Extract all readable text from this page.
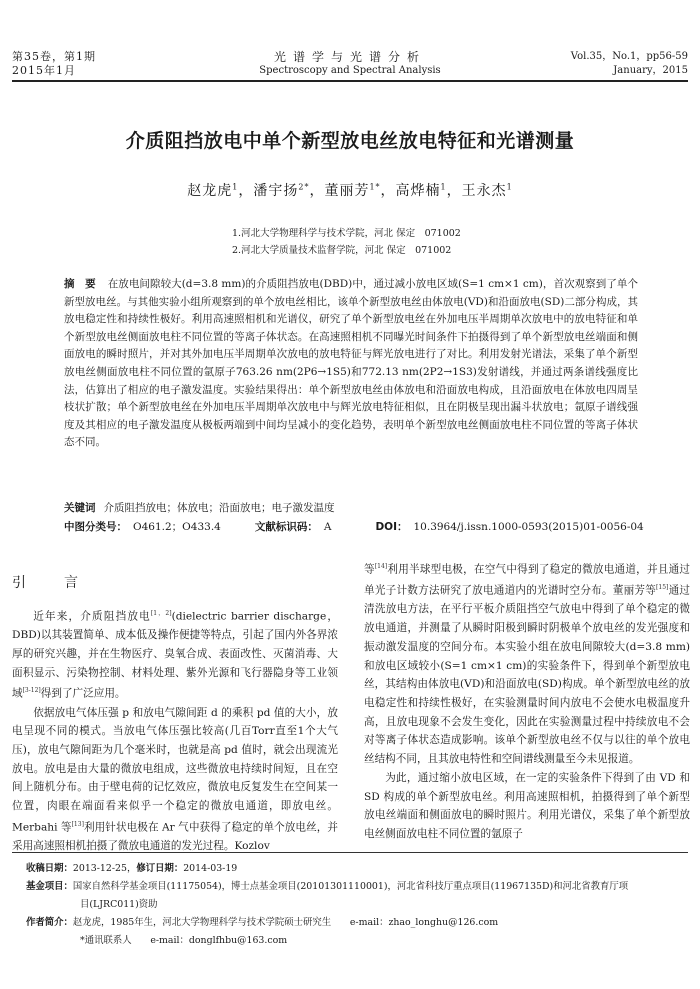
第35卷，第1期
2015年1月
光谱学与光谱分析
Spectroscopy and Spectral Analysis
Vol.35，No.1，pp56-59
January，2015
介质阻挡放电中单个新型放电丝放电特征和光谱测量
赵龙虎$^1$，潘宇扬$^{2*}$，董丽芳$^{1*}$，高烨楠$^1$，王永杰$^1$
1.河北大学物理科学与技术学院，河北 保定　071002
2.河北大学质量技术监督学院，河北 保定　071002
摘　要 在放电间隙较大(d=3.8 mm)的介质阻挡放电(DBD)中，通过减小放电区域(S=1 cm×1 cm)，首次观察到了单个新型放电丝。与其他实验小组所观察到的单个放电丝相比，该单个新型放电丝由体放电(VD)和沿面放电(SD)二部分构成，其放电稳定性和持续性极好。利用高速照相机和光谱仪，研究了单个新型放电丝在外加电压半周期单次放电中的放电特征和单个新型放电丝侧面放电柱不同位置的等离子体状态。在高速照相机不同曝光时间条件下拍摄得到了单个新型放电丝端面和侧面放电的瞬时照片，并对其外加电压半周期单次放电的放电特征与辉光放电进行了对比。利用发射光谱法，采集了单个新型放电丝侧面放电柱不同位置的氩原子763.26 nm(2P6→1S5)和772.13 nm(2P2→1S3)发射谱线，并通过两条谱线强度比法，估算出了相应的电子激发温度。实验结果得出：单个新型放电丝由体放电和沿面放电构成，且沿面放电在体放电四周呈枝状扩散；单个新型放电丝在外加电压半周期单次放电中与辉光放电特征相似，且在阴极呈现出漏斗状放电；氩原子谱线强度及其相应的电子激发温度从极板两端到中间均呈减小的变化趋势，表明单个新型放电丝侧面放电柱不同位置的等离子体状态不同。
关键词 介质阻挡放电；体放电；沿面放电；电子激发温度
中图分类号： O461.2；O433.4	文献标识码： A	DOI： 10.3964/j.issn.1000-0593(2015)01-0056-04
引　言

近年来，介质阻挡放电[1，2](dielectric barrier discharge，DBD)以其装置简单、成本低及操作便捷等特点，引起了国内外各界浓厚的研究兴趣，并在生物医疗、臭氧合成、表面改性、灭菌消毒、大面积显示、污染物控制、材料处理、紫外光源和飞行器隐身等工业领域[3-12]得到了广泛应用。

依据放电气体压强 p 和放电气隙间距 d 的乘积 pd 值的大小，放电呈现不同的模式。当放电气体压强比较高(几百Torr直至1个大气压)，放电气隙间距为几个毫米时，也就是高 pd 值时，就会出现流光放电。放电是由大量的微放电组成，这些微放电持续时间短，且在空间上随机分布。由于壁电荷的记忆效应，微放电反复发生在空间某一位置，肉眼在端面看来似乎一个稳定的微放电通道，即放电丝。Merbahi 等[13]利用针状电极在 Ar 气中获得了稳定的单个放电丝，并采用高速照相机拍摄了微放电通道的发光过程。Kozlov

等[14]利用半球型电极，在空气中得到了稳定的微放电通道，并且通过单光子计数方法研究了放电通道内的光谱时空分布。董丽芳等[15]通过清洗放电方法，在平行平板介质阻挡空气放电中得到了单个稳定的微放电通道，并测量了从瞬时阳极到瞬时阴极单个放电丝的发光强度和振动激发温度的空间分布。本实验小组在放电间隙较大(d=3.8 mm)和放电区域较小(S=1 cm×1 cm)的实验条件下，得到单个新型放电丝，其结构由体放电(VD)和沿面放电(SD)构成。单个新型放电丝的放电稳定性和持续性极好，在实验测量时间内放电不会使水电极温度升高，且放电现象不会发生变化，因此在实验测量过程中持续放电不会对等离子体状态造成影响。该单个新型放电丝不仅与以往的单个放电丝结构不同，且其放电特性和空间谱线测量至今未见报道。

为此，通过缩小放电区域，在一定的实验条件下得到了由 VD 和 SD 构成的单个新型放电丝。利用高速照相机，拍摄得到了单个新型放电丝端面和侧面放电的瞬时照片。利用光谱仪，采集了单个新型放电丝侧面放电柱不同位置的氩原子

收稿日期：2013-12-25，修订日期：2014-03-19
基金项目：国家自然科学基金项目(11175054)，博士点基金项目(20101301110001)，河北省科技厅重点项目(11967135D)和河北省教育厅项
目(LJRC011)资助
作者简介：赵龙虎，1985年生，河北大学物理科学与技术学院硕士研究生　　e-mail：zhao_longhu@126.com
*通讯联系人　　e-mail：donglfhbu@163.com
